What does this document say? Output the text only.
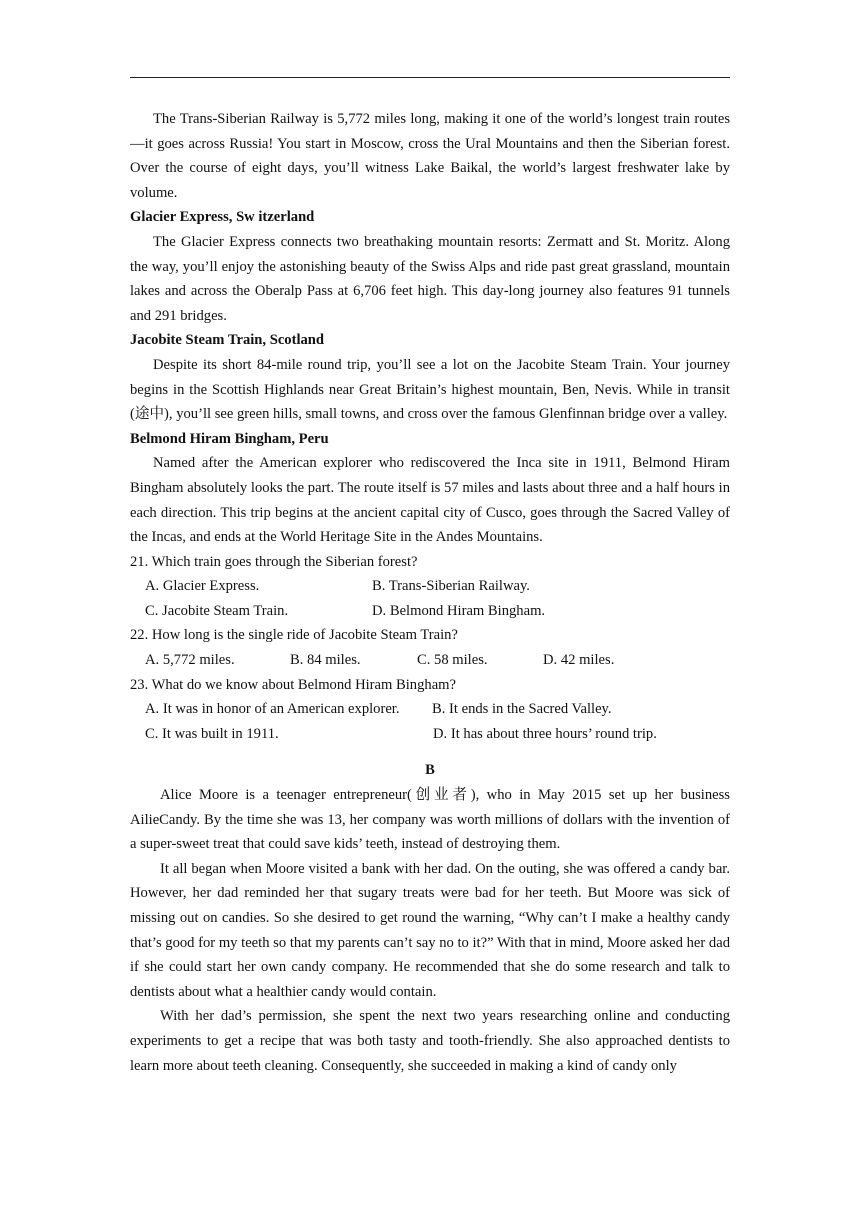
The Trans-Siberian Railway is 5,772 miles long, making it one of the world’s longest train routes—it goes across Russia! You start in Moscow, cross the Ural Mountains and then the Siberian forest. Over the course of eight days, you’ll witness Lake Baikal, the world’s largest freshwater lake by volume.

Glacier Express, Sw itzerland

The Glacier Express connects two breathaking mountain resorts: Zermatt and St. Moritz. Along the way, you’ll enjoy the astonishing beauty of the Swiss Alps and ride past great grassland, mountain lakes and across the Oberalp Pass at 6,706 feet high. This day-long journey also features 91 tunnels and 291 bridges.

Jacobite Steam Train, Scotland

Despite its short 84-mile round trip, you’ll see a lot on the Jacobite Steam Train. Your journey begins in the Scottish Highlands near Great Britain’s highest mountain, Ben, Nevis. While in transit (途中), you’ll see green hills, small towns, and cross over the famous Glenfinnan bridge over a valley.

Belmond Hiram Bingham, Peru

Named after the American explorer who rediscovered the Inca site in 1911, Belmond Hiram Bingham absolutely looks the part. The route itself is 57 miles and lasts about three and a half hours in each direction. This trip begins at the ancient capital city of Cusco, goes through the Sacred Valley of the Incas, and ends at the World Heritage Site in the Andes Mountains.

21. Which train goes through the Siberian forest?

A. Glacier Express.	B. Trans-Siberian Railway.
C. Jacobite Steam Train.	D. Belmond Hiram Bingham.

22. How long is the single ride of Jacobite Steam Train?

A. 5,772 miles.	B. 84 miles.	C. 58 miles.	D. 42 miles.

23. What do we know about Belmond Hiram Bingham?

A. It was in honor of an American explorer. B. It ends in the Sacred Valley.
C. It was built in 1911.	D. It has about three hours’ round trip.

B

Alice Moore is a teenager entrepreneur(创业者), who in May 2015 set up her business AilieCandy. By the time she was 13, her company was worth millions of dollars with the invention of a super-sweet treat that could save kids’ teeth, instead of destroying them.

It all began when Moore visited a bank with her dad. On the outing, she was offered a candy bar. However, her dad reminded her that sugary treats were bad for her teeth. But Moore was sick of missing out on candies. So she desired to get round the warning, “Why can’t I make a healthy candy that’s good for my teeth so that my parents can’t say no to it?” With that in mind, Moore asked her dad if she could start her own candy company. He recommended that she do some research and talk to dentists about what a healthier candy would contain.

With her dad’s permission, she spent the next two years researching online and conducting experiments to get a recipe that was both tasty and tooth-friendly. She also approached dentists to learn more about teeth cleaning. Consequently, she succeeded in making a kind of candy only
